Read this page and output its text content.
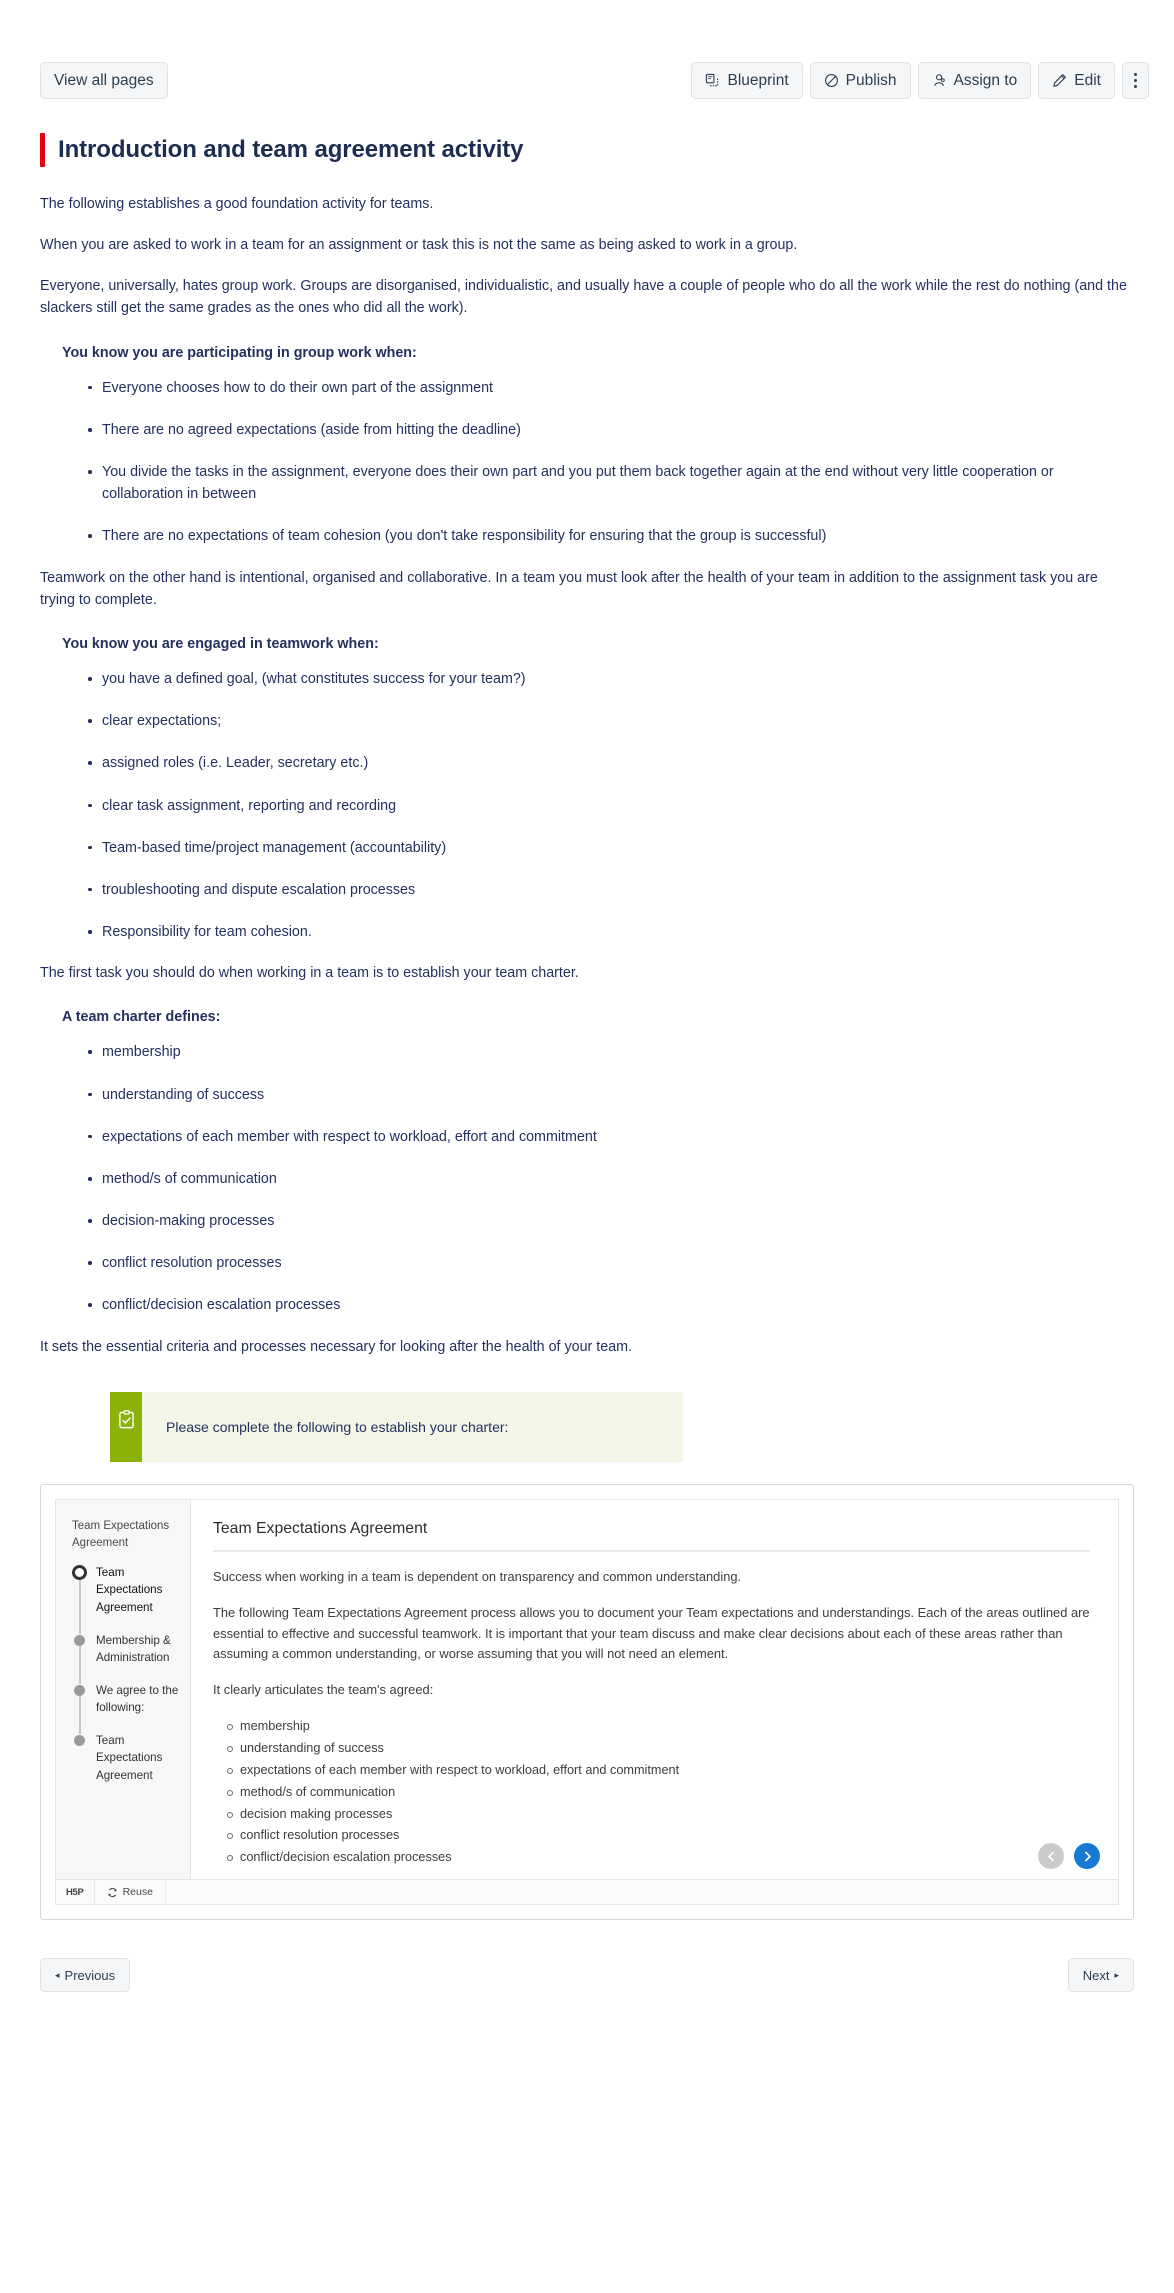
View all pages	Blueprint	Publish	Assign to	Edit
Introduction and team agreement activity

The following establishes a good foundation activity for teams.

When you are asked to work in a team for an assignment or task this is not the same as being asked to work in a group.

Everyone, universally, hates group work. Groups are disorganised, individualistic, and usually have a couple of people who do all the work while the rest do nothing (and the slackers still get the same grades as the ones who did all the work).

You know you are participating in group work when:
Everyone chooses how to do their own part of the assignment
There are no agreed expectations (aside from hitting the deadline)
You divide the tasks in the assignment, everyone does their own part and you put them back together again at the end without very little cooperation or collaboration in between
There are no expectations of team cohesion (you don't take responsibility for ensuring that the group is successful)

Teamwork on the other hand is intentional, organised and collaborative. In a team you must look after the health of your team in addition to the assignment task you are trying to complete.

You know you are engaged in teamwork when:
you have a defined goal, (what constitutes success for your team?)
clear expectations;
assigned roles (i.e. Leader, secretary etc.)
clear task assignment, reporting and recording
Team-based time/project management (accountability)
troubleshooting and dispute escalation processes
Responsibility for team cohesion.

The first task you should do when working in a team is to establish your team charter.

A team charter defines:
membership
understanding of success
expectations of each member with respect to workload, effort and commitment
method/s of communication
decision-making processes
conflict resolution processes
conflict/decision escalation processes

It sets the essential criteria and processes necessary for looking after the health of your team.

Please complete the following to establish your charter:
Team Expectations Agreement
Team Expectations Agreement
Membership & Administration
We agree to the following:
Team Expectations Agreement
Team Expectations Agreement

Success when working in a team is dependent on transparency and common understanding.

The following Team Expectations Agreement process allows you to document your Team expectations and understandings. Each of the areas outlined are essential to effective and successful teamwork. It is important that your team discuss and make clear decisions about each of these areas rather than assuming a common understanding, or worse assuming that you will not need an element.

It clearly articulates the team's agreed:

membership
understanding of success
expectations of each member with respect to workload, effort and commitment
method/s of communication
decision making processes
conflict resolution processes
conflict/decision escalation processes
H5P	Reuse
◂ Previous	Next ▸
